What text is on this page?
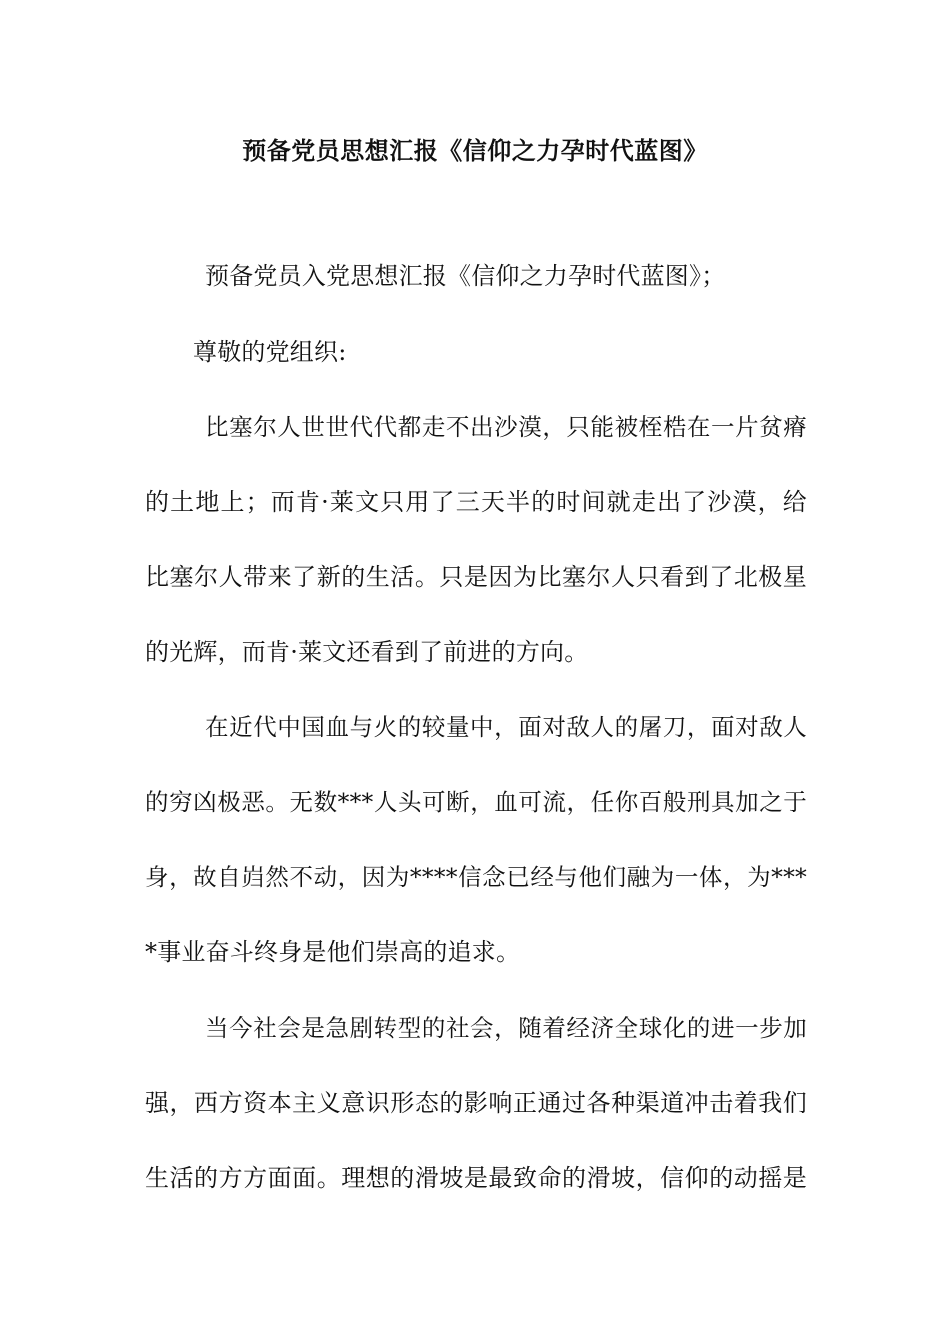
预备党员思想汇报《信仰之力孕时代蓝图》
预备党员入党思想汇报《信仰之力孕时代蓝图》；
尊敬的党组织:
比塞尔人世世代代都走不出沙漠，只能被桎梏在一片贫瘠
的土地上；而肯·莱文只用了三天半的时间就走出了沙漠，给
比塞尔人带来了新的生活。只是因为比塞尔人只看到了北极星
的光辉，而肯·莱文还看到了前进的方向。
在近代中国血与火的较量中，面对敌人的屠刀，面对敌人
的穷凶极恶。无数***人头可断，血可流，任你百般刑具加之于
身，故自岿然不动，因为****信念已经与他们融为一体，为***
*事业奋斗终身是他们崇高的追求。
当今社会是急剧转型的社会，随着经济全球化的进一步加
强，西方资本主义意识形态的影响正通过各种渠道冲击着我们
生活的方方面面。理想的滑坡是最致命的滑坡，信仰的动摇是
